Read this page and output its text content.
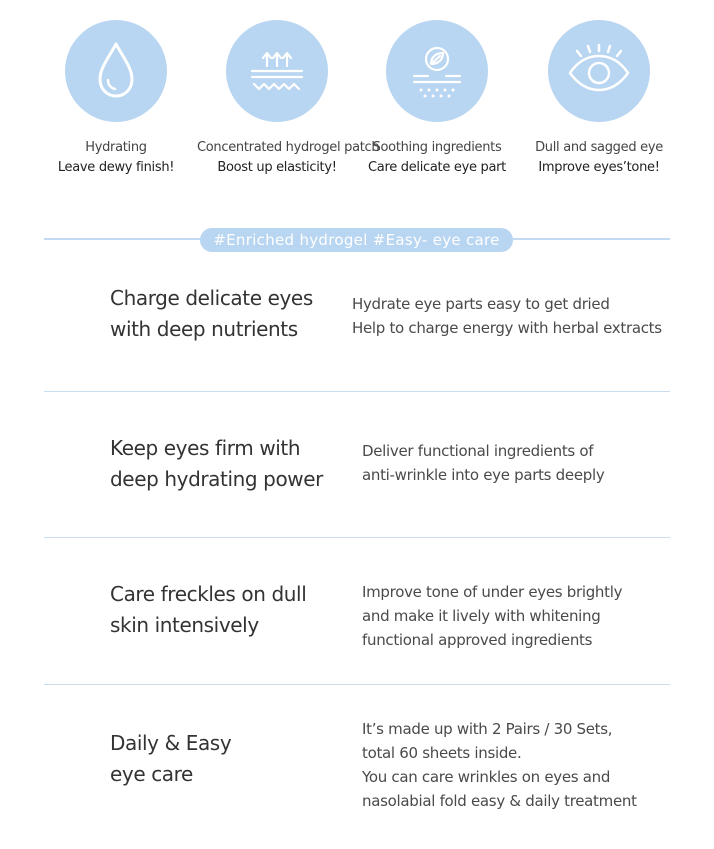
Hydrating
Leave dewy finish!
Concentrated hydrogel patch
Boost up elasticity!
Soothing ingredients
Care delicate eye part
Dull and sagged eye
Improve eyes’tone!
#Enriched hydrogel #Easy- eye care
Charge delicate eyes
with deep nutrients
Hydrate eye parts easy to get dried
Help to charge energy with herbal extracts
Keep eyes firm with
deep hydrating power
Deliver functional ingredients of
anti-wrinkle into eye parts deeply
Care freckles on dull
skin intensively
Improve tone of under eyes brightly
and make it lively with whitening
functional approved ingredients
Daily & Easy
eye care
It’s made up with 2 Pairs / 30 Sets,
total 60 sheets inside.
You can care wrinkles on eyes and
nasolabial fold easy & daily treatment
